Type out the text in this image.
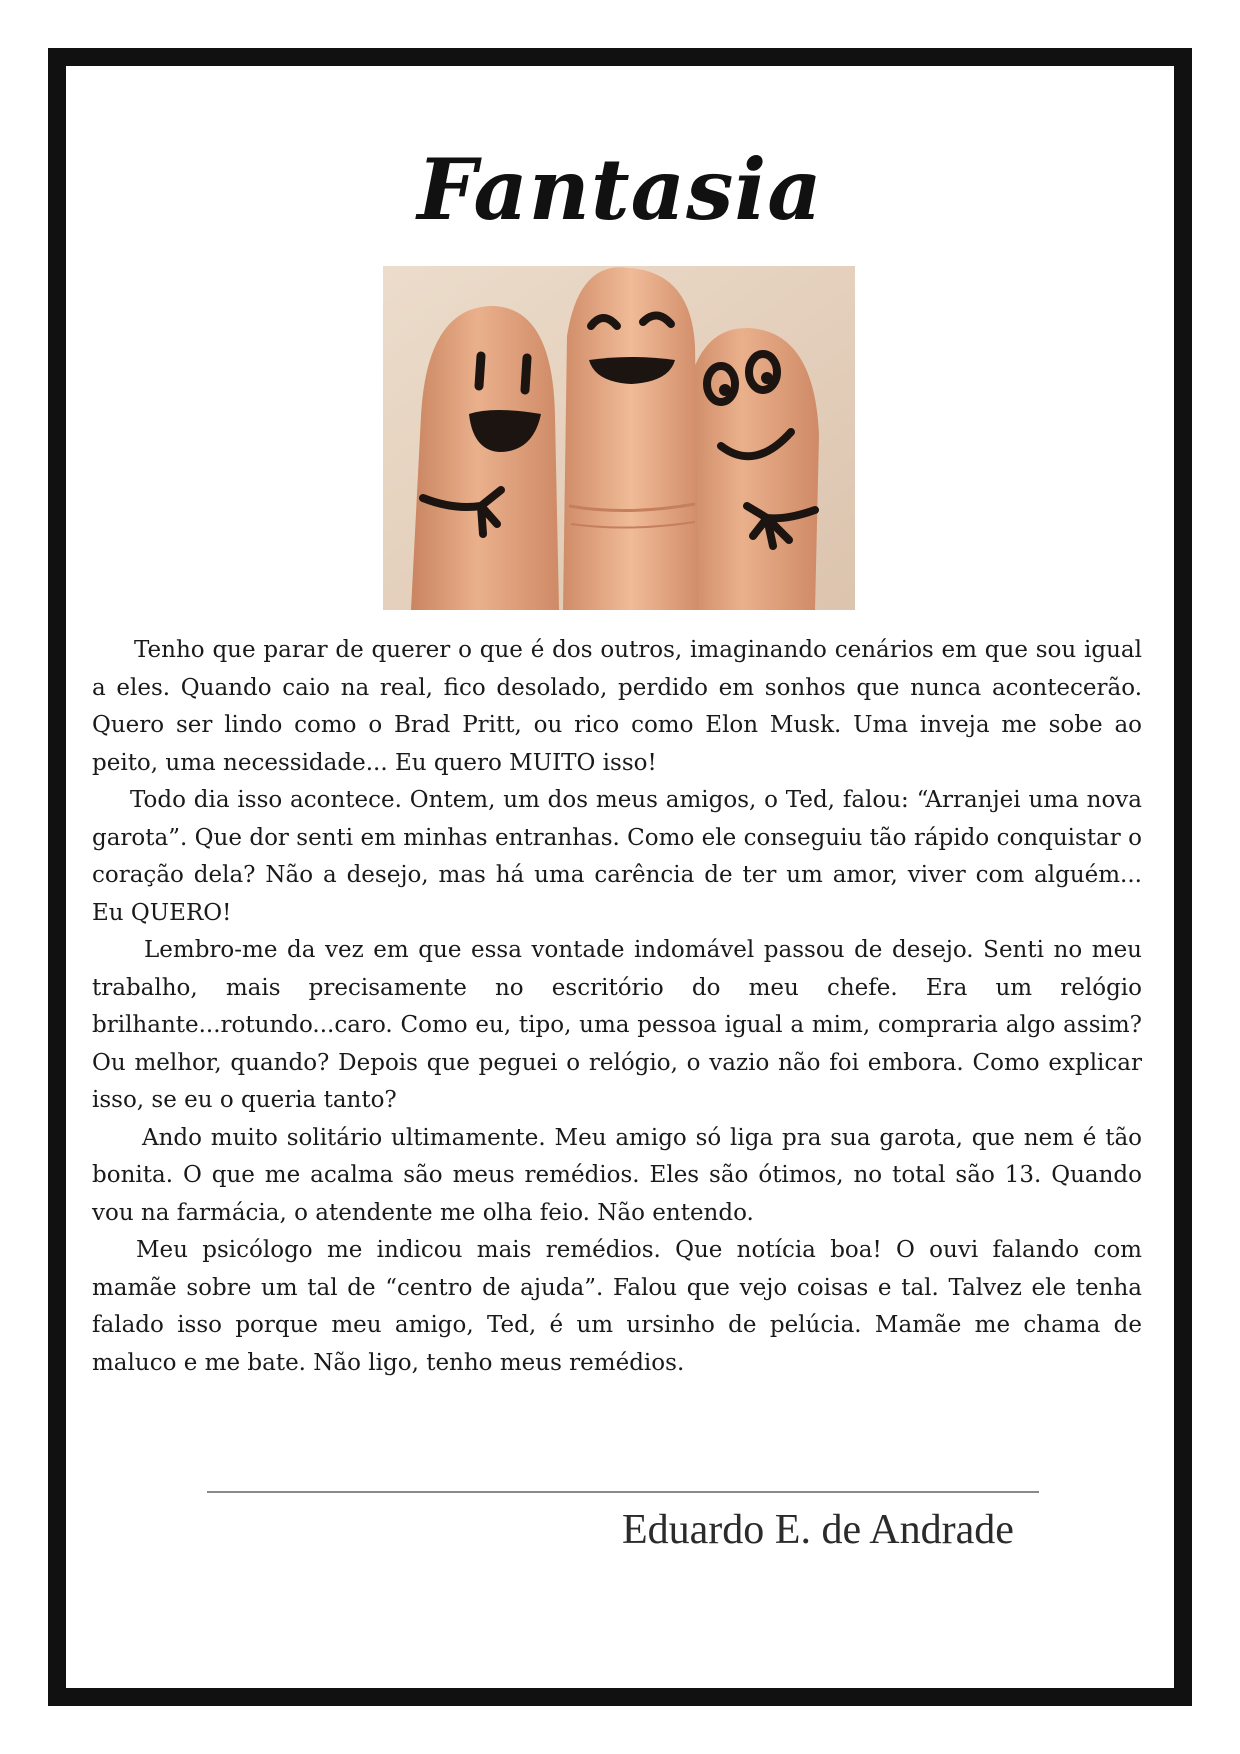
Fantasia

Tenho que parar de querer o que é dos outros, imaginando cenários em que sou igual a eles. Quando caio na real, fico desolado, perdido em sonhos que nunca acontecerão. Quero ser lindo como o Brad Pritt, ou rico como Elon Musk. Uma inveja me sobe ao peito, uma necessidade... Eu quero MUITO isso!

Todo dia isso acontece. Ontem, um dos meus amigos, o Ted, falou: “Arranjei uma nova garota”. Que dor senti em minhas entranhas. Como ele conseguiu tão rápido conquistar o coração dela? Não a desejo, mas há uma carência de ter um amor, viver com alguém... Eu QUERO!

Lembro-me da vez em que essa vontade indomável passou de desejo. Senti no meu trabalho, mais precisamente no escritório do meu chefe. Era um relógio brilhante...rotundo...caro. Como eu, tipo, uma pessoa igual a mim, compraria algo assim? Ou melhor, quando? Depois que peguei o relógio, o vazio não foi embora. Como explicar isso, se eu o queria tanto?

Ando muito solitário ultimamente. Meu amigo só liga pra sua garota, que nem é tão bonita. O que me acalma são meus remédios. Eles são ótimos, no total são 13. Quando vou na farmácia, o atendente me olha feio. Não entendo.

Meu psicólogo me indicou mais remédios. Que notícia boa! O ouvi falando com mamãe sobre um tal de “centro de ajuda”. Falou que vejo coisas e tal. Talvez ele tenha falado isso porque meu amigo, Ted, é um ursinho de pelúcia. Mamãe me chama de maluco e me bate. Não ligo, tenho meus remédios.

Eduardo E. de Andrade
